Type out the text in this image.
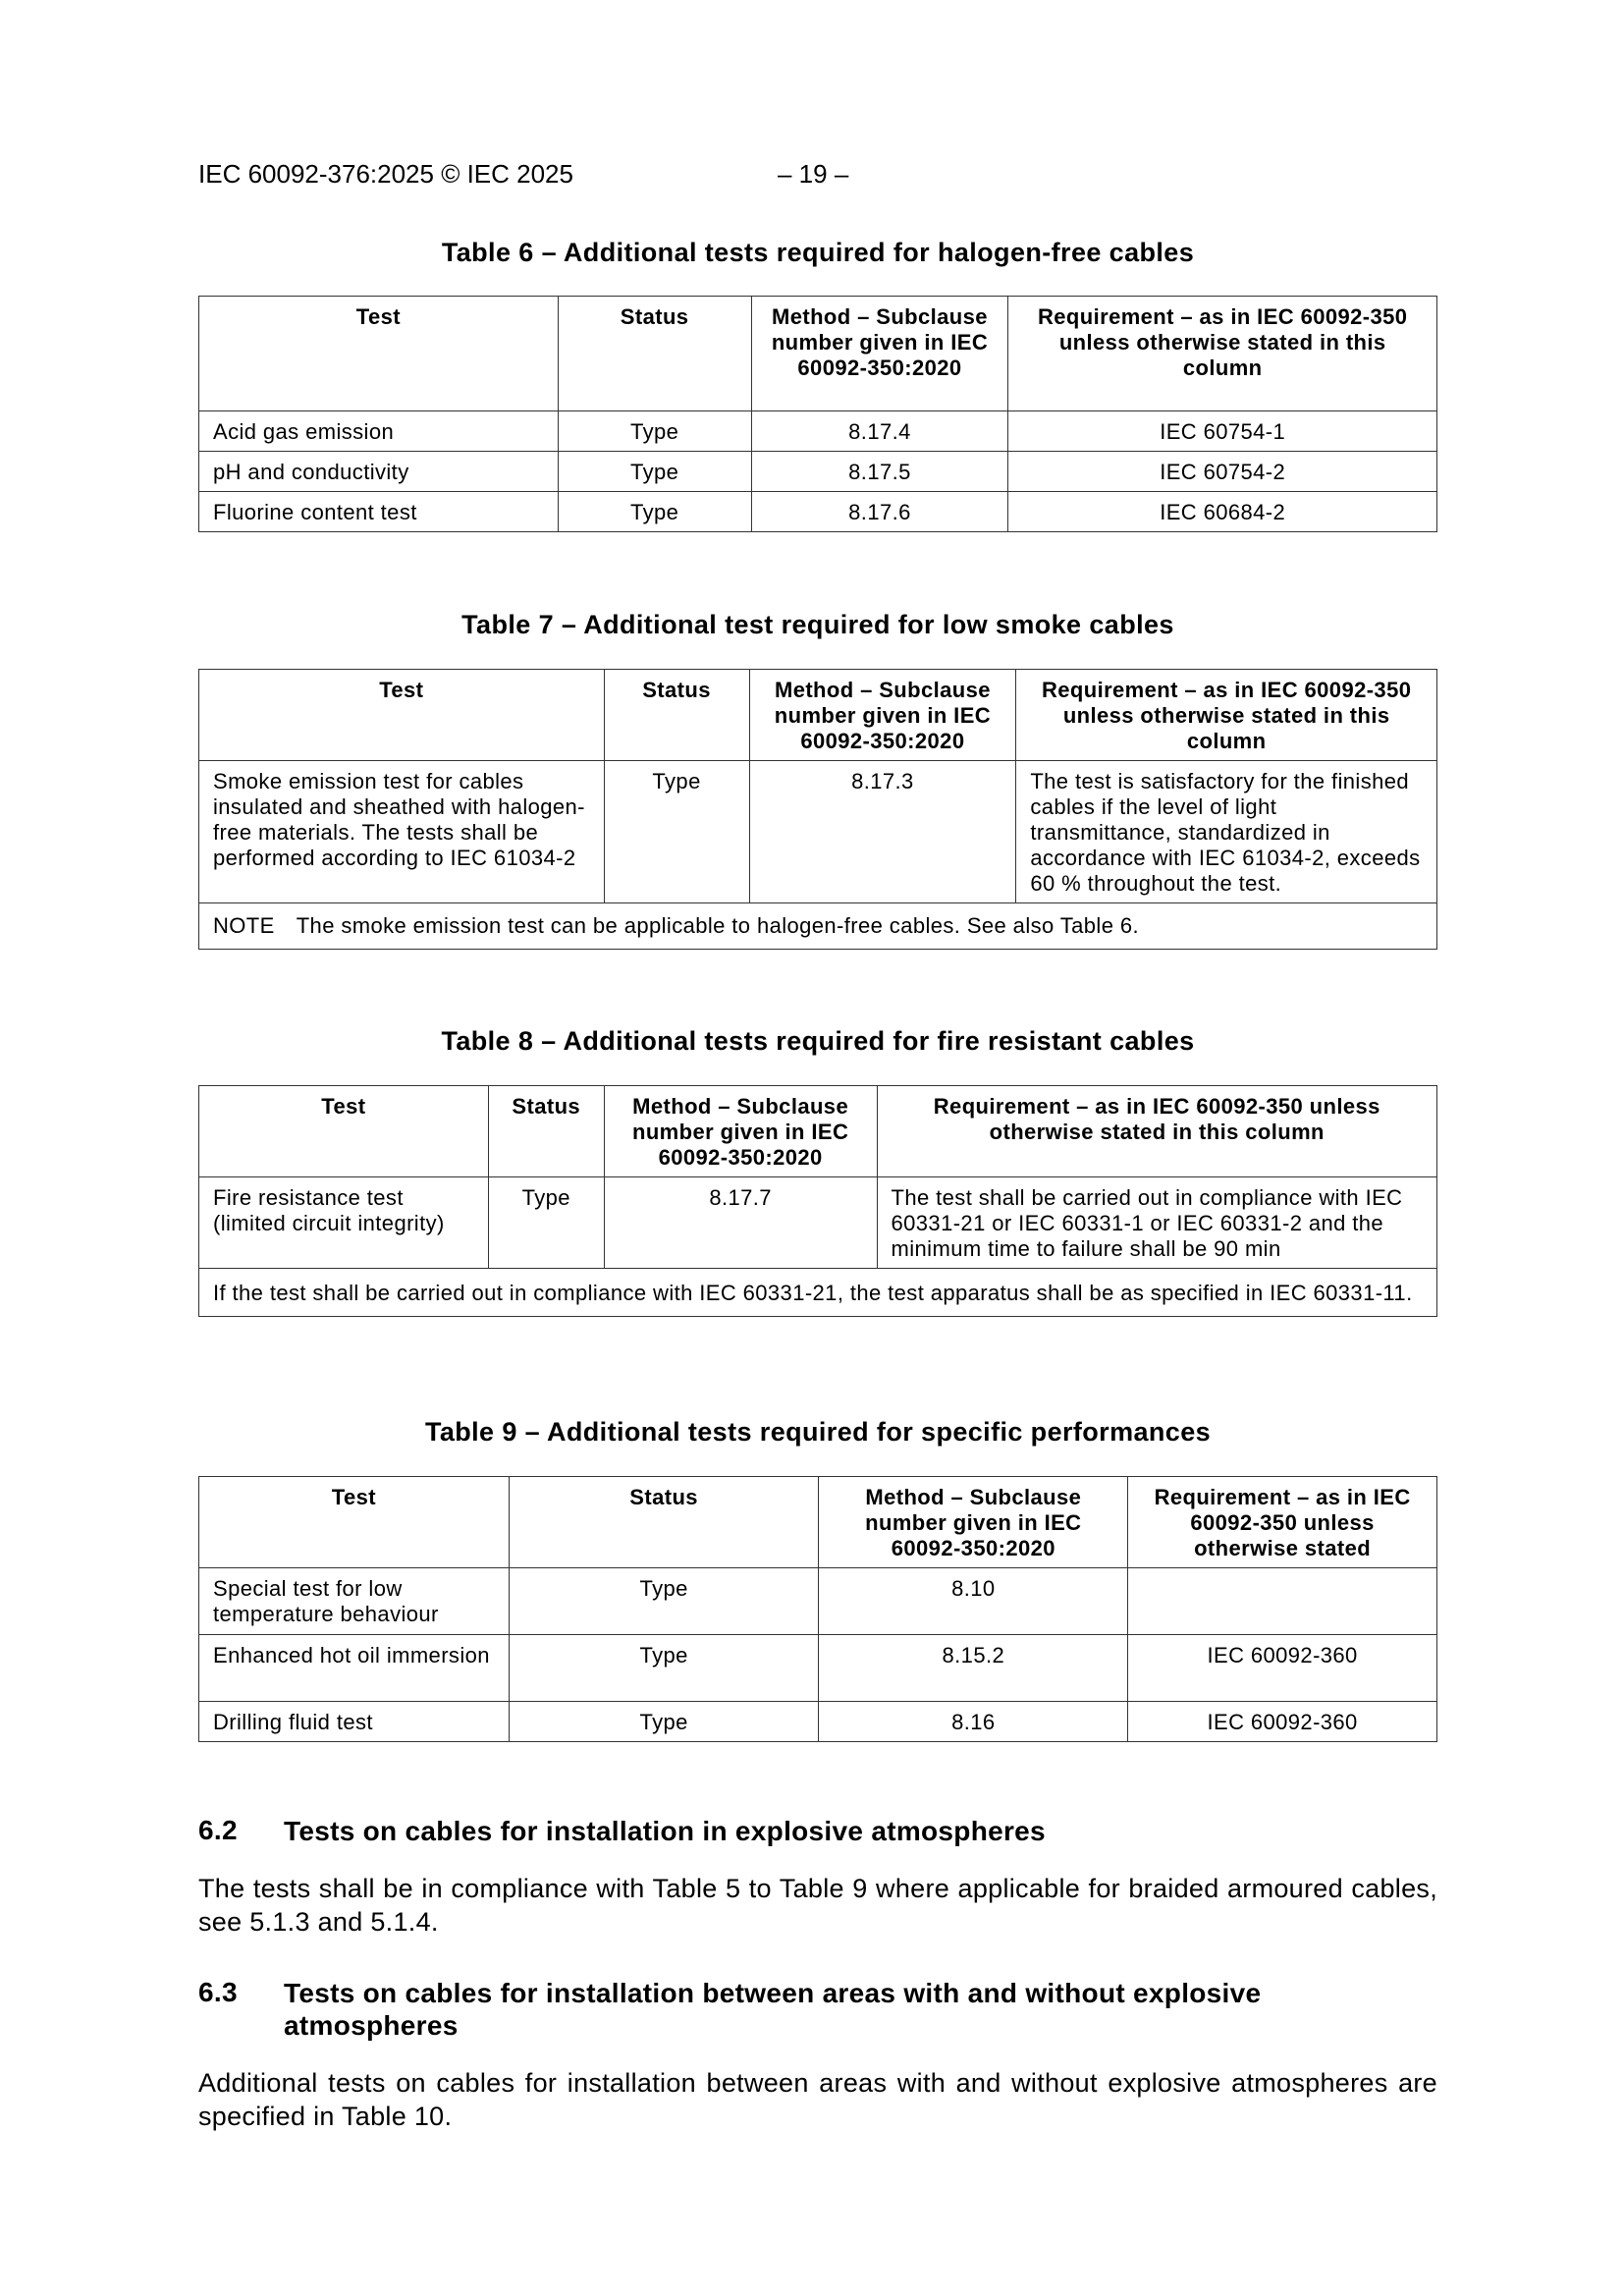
IEC 60092-376:2025 © IEC 2025	– 19 –
Table 6 – Additional tests required for halogen-free cables
Test	Status	Method – Subclause number given in IEC 60092-350:2020	Requirement – as in IEC 60092-350 unless otherwise stated in this column
Acid gas emission	Type	8.17.4	IEC 60754-1
pH and conductivity	Type	8.17.5	IEC 60754-2
Fluorine content test	Type	8.17.6	IEC 60684-2
Table 7 – Additional test required for low smoke cables
Test	Status	Method – Subclause number given in IEC 60092-350:2020	Requirement – as in IEC 60092-350 unless otherwise stated in this column
Smoke emission test for cables insulated and sheathed with halogen-free materials. The tests shall be performed according to IEC 61034-2	Type	8.17.3	The test is satisfactory for the finished cables if the level of light transmittance, standardized in accordance with IEC 61034-2, exceeds 60 % throughout the test.
NOTE The smoke emission test can be applicable to halogen-free cables. See also Table 6.			
Table 8 – Additional tests required for fire resistant cables
Test	Status	Method – Subclause number given in IEC 60092-350:2020	Requirement – as in IEC 60092-350 unless otherwise stated in this column
Fire resistance test (limited circuit integrity)	Type	8.17.7	The test shall be carried out in compliance with IEC 60331-21 or IEC 60331-1 or IEC 60331-2 and the minimum time to failure shall be 90 min
If the test shall be carried out in compliance with IEC 60331-21, the test apparatus shall be as specified in IEC 60331-11.			
Table 9 – Additional tests required for specific performances
Test	Status	Method – Subclause number given in IEC 60092-350:2020	Requirement – as in IEC 60092-350 unless otherwise stated
Special test for low temperature behaviour	Type	8.10	
Enhanced hot oil immersion	Type	8.15.2	IEC 60092-360
Drilling fluid test	Type	8.16	IEC 60092-360
6.2 Tests on cables for installation in explosive atmospheres
The tests shall be in compliance with Table 5 to Table 9 where applicable for braided armoured cables, see 5.1.3 and 5.1.4.
6.3 Tests on cables for installation between areas with and without explosive atmospheres
Additional tests on cables for installation between areas with and without explosive atmospheres are specified in Table 10.
